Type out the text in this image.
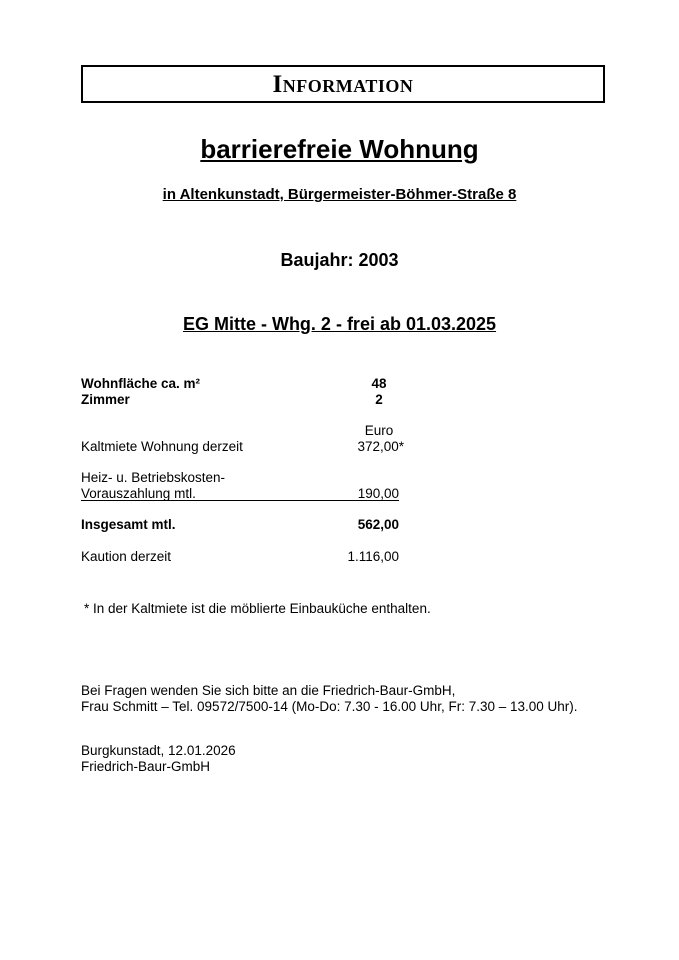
Information
barrierefreie Wohnung
in Altenkunstadt, Bürgermeister-Böhmer-Straße 8
Baujahr: 2003
EG Mitte - Whg. 2 - frei ab 01.03.2025
Wohnfläche ca. m²	48
Zimmer	2
Euro
Kaltmiete Wohnung derzeit	372,00*
Heiz- u. Betriebskosten-
Vorauszahlung mtl.	190,00
Insgesamt mtl.	562,00
Kaution derzeit	1.116,00
* In der Kaltmiete ist die möblierte Einbauküche enthalten.
Bei Fragen wenden Sie sich bitte an die Friedrich-Baur-GmbH,
Frau Schmitt – Tel. 09572/7500-14 (Mo-Do: 7.30 - 16.00 Uhr, Fr: 7.30 – 13.00 Uhr).
Burgkunstadt, 12.01.2026
Friedrich-Baur-GmbH
